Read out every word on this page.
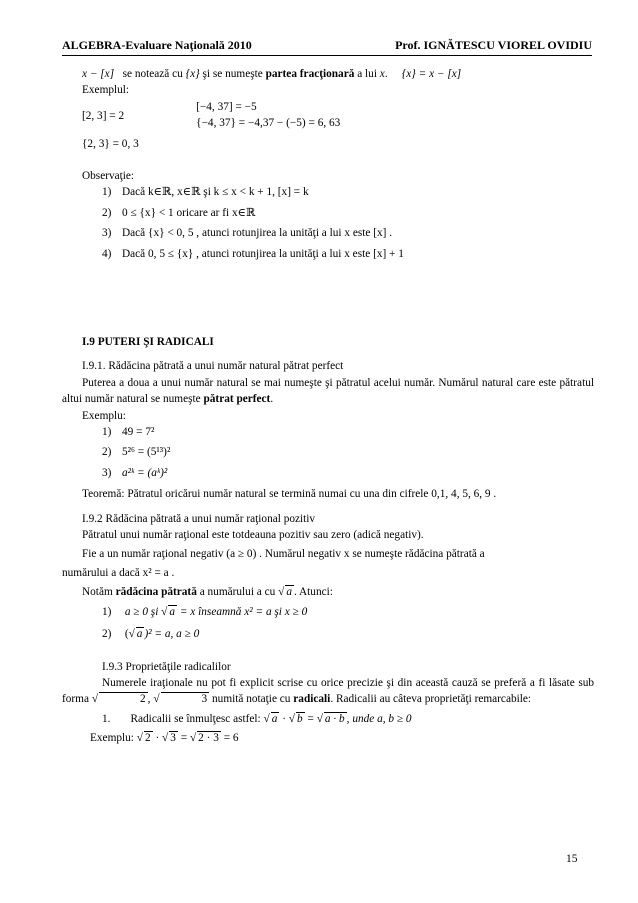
ALGEBRA-Evaluare Naţională 2010	Prof. IGNĂTESCU VIOREL OVIDIU

x − [x] se notează cu {x} şi se numeşte partea fracţionară a lui x. {x} = x − [x]

Exemplul:

[2, 3] = 2

[−4, 37] = −5

{−4, 37} = −4,37 − (−5) = 6, 63

{2, 3} = 0, 3

Observaţie:

1) Dacă k∈ℝ, x∈ℝ şi k ≤ x < k + 1, [x] = k

2) 0 ≤ {x} < 1 oricare ar fi x∈ℝ

3) Dacă {x} < 0, 5 , atunci rotunjirea la unităţi a lui x este [x] .

4) Dacă 0, 5 ≤ {x} , atunci rotunjirea la unităţi a lui x este [x] + 1

I.9 PUTERI ŞI RADICALI

I.9.1. Rădăcina pătrată a unui număr natural pătrat perfect

Puterea a doua a unui număr natural se mai numeşte şi pătratul acelui număr. Numărul natural care este pătratul altui număr natural se numeşte pătrat perfect.

Exemplu:

1) 49 = 7²

2) 5²⁶ = (5¹³)²

3) a²ᵏ = (aᵏ)²

Teoremă: Pătratul oricărui număr natural se termină numai cu una din cifrele 0,1, 4, 5, 6, 9 .

I.9.2 Rădăcina pătrată a unui număr raţional pozitiv

Pătratul unui număr raţional este totdeauna pozitiv sau zero (adică negativ).

Fie a un număr raţional negativ (a ≥ 0) . Numărul negativ x se numeşte rădăcina pătrată a

numărului a dacă x² = a .

Notăm rădăcina pătrată a numărului a cu √ a . Atunci:

1) a ≥ 0 şi √ a = x înseamnă x² = a şi x ≥ 0

2) ( √ a )² = a, a ≥ 0

I.9.3 Proprietăţile radicalilor

Numerele iraţionale nu pot fi explicit scrise cu orice precizie şi din această cauză se preferă a fi lăsate sub forma √	2 , √	3 numită notaţie cu radicali. Radicalii au câteva proprietăţi remarcabile:

1. Radicalii se înmulţesc astfel: √ a · √ b = √ a · b , unde a, b ≥ 0

Exemplu: √ 2 · √ 3 = √ 2 · 3 = 6

15
